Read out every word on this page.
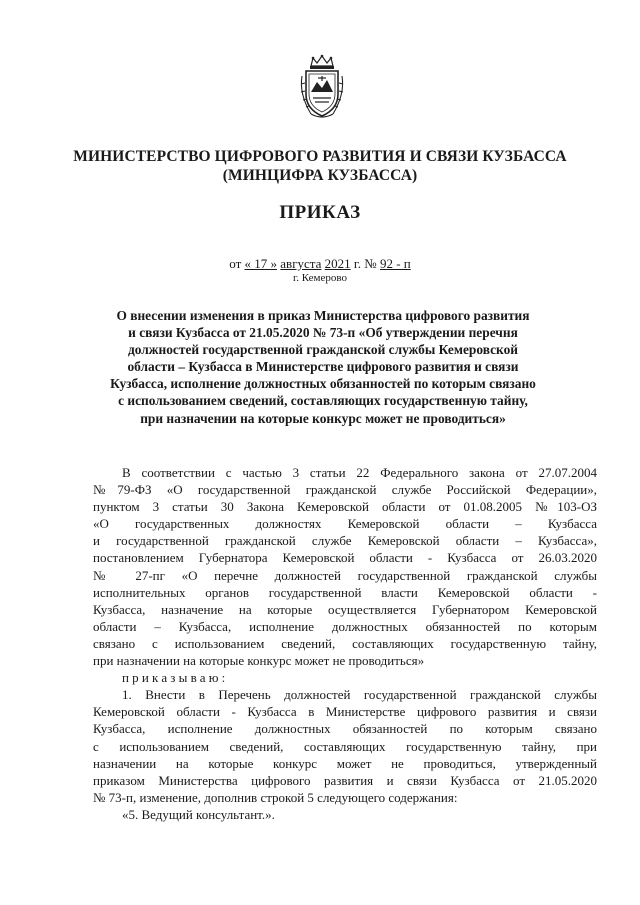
МИНИСТЕРСТВО ЦИФРОВОГО РАЗВИТИЯ И СВЯЗИ КУЗБАССА
(МИНЦИФРА КУЗБАССА)
ПРИКАЗ
от « 17 » августа 2021 г. № 92 - п
г. Кемерово
О внесении изменения в приказ Министерства цифрового развития
и связи Кузбасса от 21.05.2020 № 73-п «Об утверждении перечня
должностей государственной гражданской службы Кемеровской
области – Кузбасса в Министерстве цифрового развития и связи
Кузбасса, исполнение должностных обязанностей по которым связано
с использованием сведений, составляющих государственную тайну,
при назначении на которые конкурс может не проводиться»
В соответствии с частью 3 статьи 22 Федерального закона от 27.07.2004
№79-ФЗ «О государственной гражданской службе Российской Федерации»,
пунктом 3 статьи 30 Закона Кемеровской области от 01.08.2005 №103-ОЗ
«О государственных должностях Кемеровской области – Кузбасса
и государственной гражданской службе Кемеровской области – Кузбасса»,
постановлением Губернатора Кемеровской области - Кузбасса от 26.03.2020
№ 27-пг «О перечне должностей государственной гражданской службы
исполнительных органов государственной власти Кемеровской области -
Кузбасса, назначение на которые осуществляется Губернатором Кемеровской
области – Кузбасса, исполнение должностных обязанностей по которым
связано с использованием сведений, составляющих государственную тайну,
при назначении на которые конкурс может не проводиться»
приказываю:
1. Внести в Перечень должностей государственной гражданской службы
Кемеровской области - Кузбасса в Министерстве цифрового развития и связи
Кузбасса, исполнение должностных обязанностей по которым связано
с использованием сведений, составляющих государственную тайну, при
назначении на которые конкурс может не проводиться, утвержденный
приказом Министерства цифрового развития и связи Кузбасса от 21.05.2020
№ 73-п, изменение, дополнив строкой 5 следующего содержания:
«5. Ведущий консультант.».
